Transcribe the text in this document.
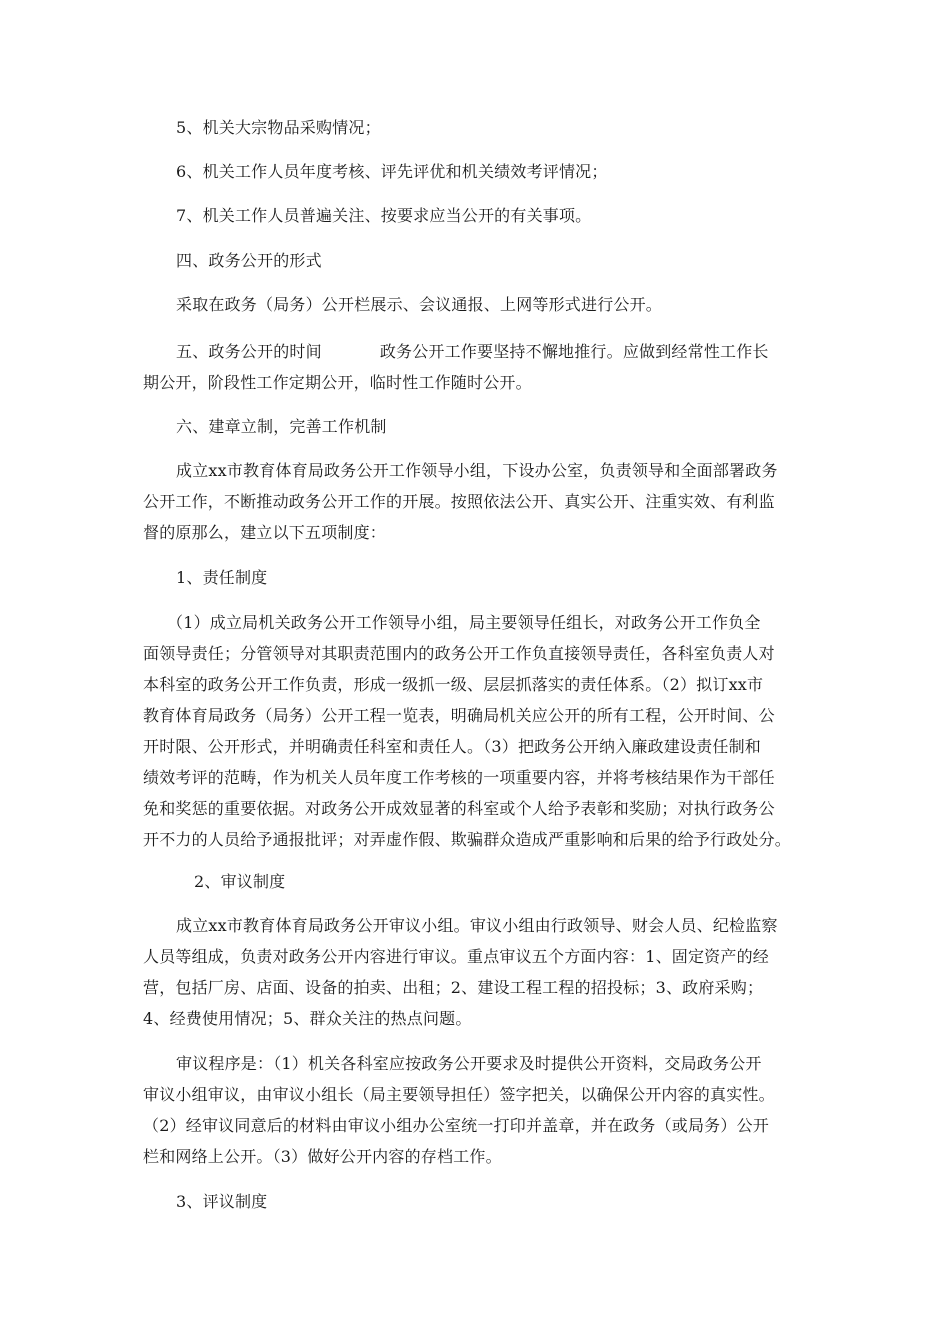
5、机关大宗物品采购情况；
6、机关工作人员年度考核、评先评优和机关绩效考评情况；
7、机关工作人员普遍关注、按要求应当公开的有关事项。
四、政务公开的形式
采取在政务（局务）公开栏展示、会议通报、上网等形式进行公开。
五、政务公开的时间	政务公开工作要坚持不懈地推行。应做到经常性工作长
期公开，阶段性工作定期公开，临时性工作随时公开。
六、建章立制，完善工作机制
成立xx市教育体育局政务公开工作领导小组，下设办公室，负责领导和全面部署政务
公开工作，不断推动政务公开工作的开展。按照依法公开、真实公开、注重实效、有利监
督的原那么，建立以下五项制度：
1、责任制度
（1）成立局机关政务公开工作领导小组，局主要领导任组长，对政务公开工作负全
面领导责任；分管领导对其职责范围内的政务公开工作负直接领导责任，各科室负责人对
本科室的政务公开工作负责，形成一级抓一级、层层抓落实的责任体系。（2）拟订xx市
教育体育局政务（局务）公开工程一览表，明确局机关应公开的所有工程，公开时间、公
开时限、公开形式，并明确责任科室和责任人。（3）把政务公开纳入廉政建设责任制和
绩效考评的范畴，作为机关人员年度工作考核的一项重要内容，并将考核结果作为干部任
免和奖惩的重要依据。对政务公开成效显著的科室或个人给予表彰和奖励；对执行政务公
开不力的人员给予通报批评；对弄虚作假、欺骗群众造成严重影响和后果的给予行政处分。
2、审议制度
成立xx市教育体育局政务公开审议小组。审议小组由行政领导、财会人员、纪检监察
人员等组成，负责对政务公开内容进行审议。重点审议五个方面内容：1、固定资产的经
营，包括厂房、店面、设备的拍卖、出租；2、建设工程工程的招投标；3、政府采购；
4、经费使用情况；5、群众关注的热点问题。
审议程序是：（1）机关各科室应按政务公开要求及时提供公开资料，交局政务公开
审议小组审议，由审议小组长（局主要领导担任）签字把关，以确保公开内容的真实性。
（2）经审议同意后的材料由审议小组办公室统一打印并盖章，并在政务（或局务）公开
栏和网络上公开。（3）做好公开内容的存档工作。
3、评议制度
